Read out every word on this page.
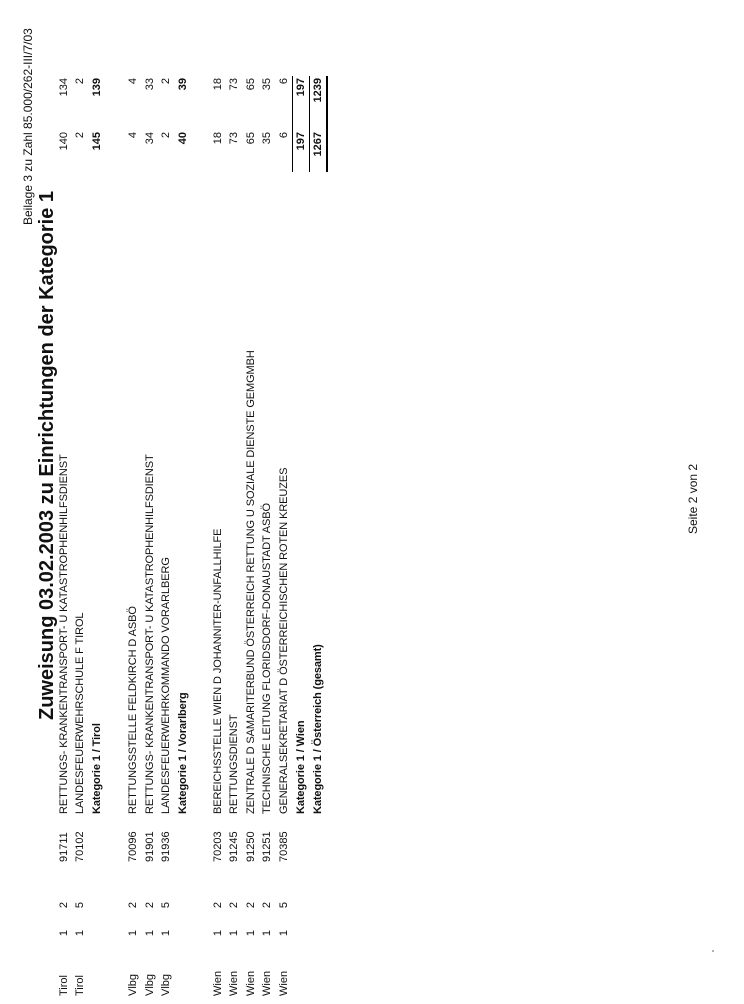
Beilage 3 zu Zahl 85.000/262-III/7/03
Zuweisung 03.02.2003 zu Einrichtungen der Kategorie 1
Tirol
1
2
91711
RETTUNGS- KRANKENTRANSPORT- U KATASTROPHENHILFSDIENST
140
134
Tirol
1
5
70102
LANDESFEUERWEHRSCHULE F TIROL
2
2
Kategorie 1 / Tirol
145
139
Vlbg
1
2
70096
RETTUNGSSTELLE FELDKIRCH D ASBÖ
4
4
Vlbg
1
2
91901
RETTUNGS- KRANKENTRANSPORT- U KATASTROPHENHILFSDIENST
34
33
Vlbg
1
5
91936
LANDESFEUERWEHRKOMMANDO VORARLBERG
2
2
Kategorie 1 / Vorarlberg
40
39
Wien
1
2
70203
BEREICHSSTELLE WIEN D JOHANNITER-UNFALLHILFE
18
18
Wien
1
2
91245
RETTUNGSDIENST
73
73
Wien
1
2
91250
ZENTRALE D SAMARITERBUND ÖSTERREICH RETTUNG U SOZIALE DIENSTE GEMGMBH
65
65
Wien
1
2
91251
TECHNISCHE LEITUNG FLORIDSDORF-DONAUSTADT ASBÖ
35
35
Wien
1
5
70385
GENERALSEKRETARIAT D ÖSTERREICHISCHEN ROTEN KREUZES
6
6
Kategorie 1 / Wien
197
197
Kategorie 1 / Österreich (gesamt)
1267
1239
Seite 2 von 2
